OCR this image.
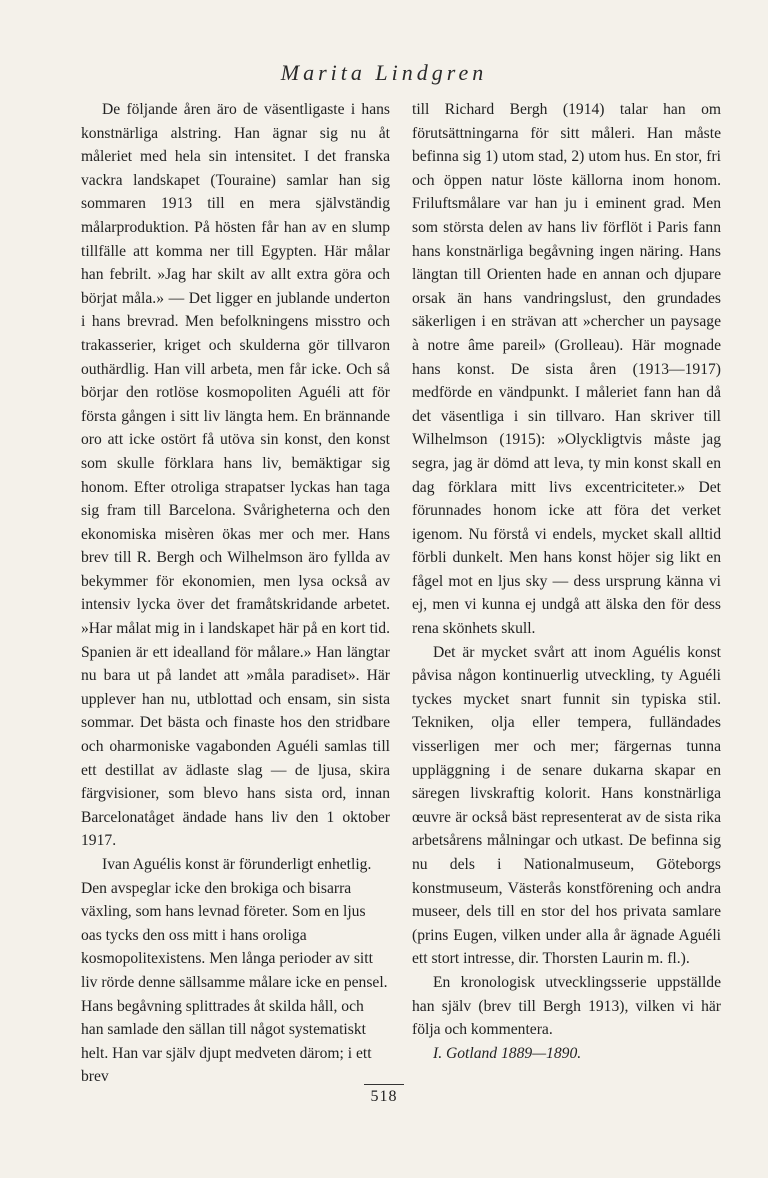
Marita Lindgren

De följande åren äro de väsentligaste i hans konstnärliga alstring. Han ägnar sig nu åt måleriet med hela sin intensitet. I det franska vackra landskapet (Touraine) samlar han sig sommaren 1913 till en mera självständig målarproduktion. På hösten får han av en slump tillfälle att komma ner till Egypten. Här målar han febrilt. »Jag har skilt av allt extra göra och börjat måla.» — Det ligger en jublande underton i hans brevrad. Men befolkningens misstro och trakasserier, kriget och skulderna gör tillvaron outhärdlig. Han vill arbeta, men får icke. Och så börjar den rotlöse kosmopoliten Aguéli att för första gången i sitt liv längta hem. En brännande oro att icke ostört få utöva sin konst, den konst som skulle förklara hans liv, bemäktigar sig honom. Efter otroliga strapatser lyckas han taga sig fram till Barcelona. Svårigheterna och den ekonomiska misèren ökas mer och mer. Hans brev till R. Bergh och Wilhelmson äro fyllda av bekymmer för ekonomien, men lysa också av intensiv lycka över det framåtskridande arbetet. »Har målat mig in i landskapet här på en kort tid. Spanien är ett idealland för målare.» Han längtar nu bara ut på landet att »måla paradiset». Här upplever han nu, utblottad och ensam, sin sista sommar. Det bästa och finaste hos den stridbare och oharmoniske vagabonden Aguéli samlas till ett destillat av ädlaste slag — de ljusa, skira färgvisioner, som blevo hans sista ord, innan Barcelonatåget ändade hans liv den 1 oktober 1917.

Ivan Aguélis konst är förunderligt enhetlig. Den avspeglar icke den brokiga och bisarra växling, som hans levnad företer. Som en ljus oas tycks den oss mitt i hans oroliga kosmopolitexistens. Men långa perioder av sitt liv rörde denne sällsamme målare icke en pensel. Hans begåvning splittrades åt skilda håll, och han samlade den sällan till något systematiskt helt. Han var själv djupt medveten därom; i ett brev

till Richard Bergh (1914) talar han om förutsättningarna för sitt måleri. Han måste befinna sig 1) utom stad, 2) utom hus. En stor, fri och öppen natur löste källorna inom honom. Friluftsmålare var han ju i eminent grad. Men som största delen av hans liv förflöt i Paris fann hans konstnärliga begåvning ingen näring. Hans längtan till Orienten hade en annan och djupare orsak än hans vandringslust, den grundades säkerligen i en strävan att »chercher un paysage à notre âme pareil» (Grolleau). Här mognade hans konst. De sista åren (1913—1917) medförde en vändpunkt. I måleriet fann han då det väsentliga i sin tillvaro. Han skriver till Wilhelmson (1915): »Olyckligtvis måste jag segra, jag är dömd att leva, ty min konst skall en dag förklara mitt livs excentriciteter.» Det förunnades honom icke att föra det verket igenom. Nu förstå vi endels, mycket skall alltid förbli dunkelt. Men hans konst höjer sig likt en fågel mot en ljus sky — dess ursprung känna vi ej, men vi kunna ej undgå att älska den för dess rena skönhets skull.

Det är mycket svårt att inom Aguélis konst påvisa någon kontinuerlig utveckling, ty Aguéli tyckes mycket snart funnit sin typiska stil. Tekniken, olja eller tempera, fulländades visserligen mer och mer; färgernas tunna uppläggning i de senare dukarna skapar en säregen livskraftig kolorit. Hans konstnärliga œuvre är också bäst representerat av de sista rika arbetsårens målningar och utkast. De befinna sig nu dels i Nationalmuseum, Göteborgs konstmuseum, Västerås konstförening och andra museer, dels till en stor del hos privata samlare (prins Eugen, vilken under alla år ägnade Aguéli ett stort intresse, dir. Thorsten Laurin m. fl.).

En kronologisk utvecklingsserie uppställde han själv (brev till Bergh 1913), vilken vi här följa och kommentera.

I. Gotland 1889—1890.

518
